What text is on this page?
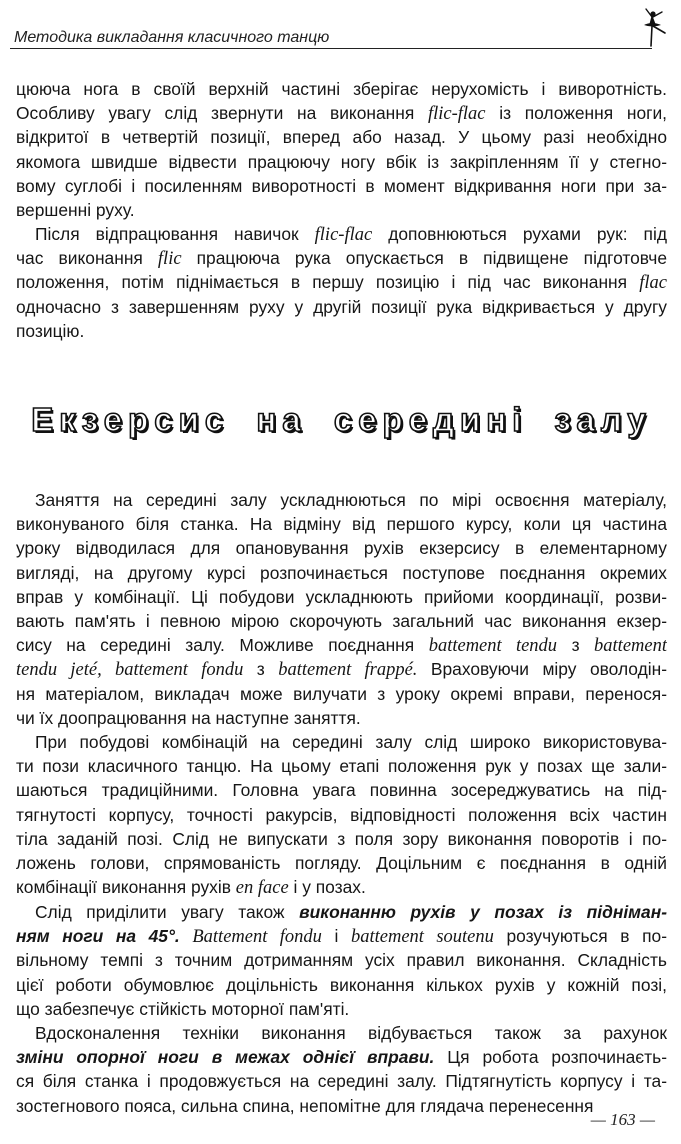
Методика викладання класичного танцю
цююча нога в своїй верхній частині зберігає нерухомість і виворотність.
Особливу увагу слід звернути на виконання flic-flac із положення ноги,
відкритої в четвертій позиції, вперед або назад. У цьому разі необхідно
якомога швидше відвести працюючу ногу вбік із закріпленням її у стегно-
вому суглобі і посиленням виворотності в момент відкривання ноги при за-
вершенні руху.
Після відпрацювання навичок flic-flac доповнюються рухами рук: під
час виконання flic працююча рука опускається в підвищене підготовче
положення, потім піднімається в першу позицію і під час виконання flac
одночасно з завершенням руху у другій позиції рука відкривається у другу
позицію.
Екзерсис на середині залу
Заняття на середині залу ускладнюються по мірі освоєння матеріалу,
виконуваного біля станка. На відміну від першого курсу, коли ця частина
уроку відводилася для опановування рухів екзерсису в елементарному
вигляді, на другому курсі розпочинається поступове поєднання окремих
вправ у комбінації. Ці побудови ускладнюють прийоми координації, розви-
вають пам'ять і певною мірою скорочують загальний час виконання екзер-
сису на середині залу. Можливе поєднання battement tendu з battement
tendu jeté, battement fondu з battement frappé. Враховуючи міру оволодін-
ня матеріалом, викладач може вилучати з уроку окремі вправи, перенося-
чи їх доопрацювання на наступне заняття.
При побудові комбінацій на середині залу слід широко використовува-
ти пози класичного танцю. На цьому етапі положення рук у позах ще зали-
шаються традиційними. Головна увага повинна зосереджуватись на під-
тягнутості корпусу, точності ракурсів, відповідності положення всіх частин
тіла заданій позі. Слід не випускати з поля зору виконання поворотів і по-
ложень голови, спрямованість погляду. Доцільним є поєднання в одній
комбінації виконання рухів en face і у позах.
Слід приділити увагу також виконанню рухів у позах із підніман-
ням ноги на 45°. Battement fondu і battement soutenu розучуються в по-
вільному темпі з точним дотриманням усіх правил виконання. Складність
цієї роботи обумовлює доцільність виконання кількох рухів у кожній позі,
що забезпечує стійкість моторної пам'яті.
Вдосконалення техніки виконання відбувається також за рахунок
зміни опорної ноги в межах однієї вправи. Ця робота розпочинаєть-
ся біля станка і продовжується на середині залу. Підтягнутість корпусу і та-
зостегнового пояса, сильна спина, непомітне для глядача перенесення
— 163 —
